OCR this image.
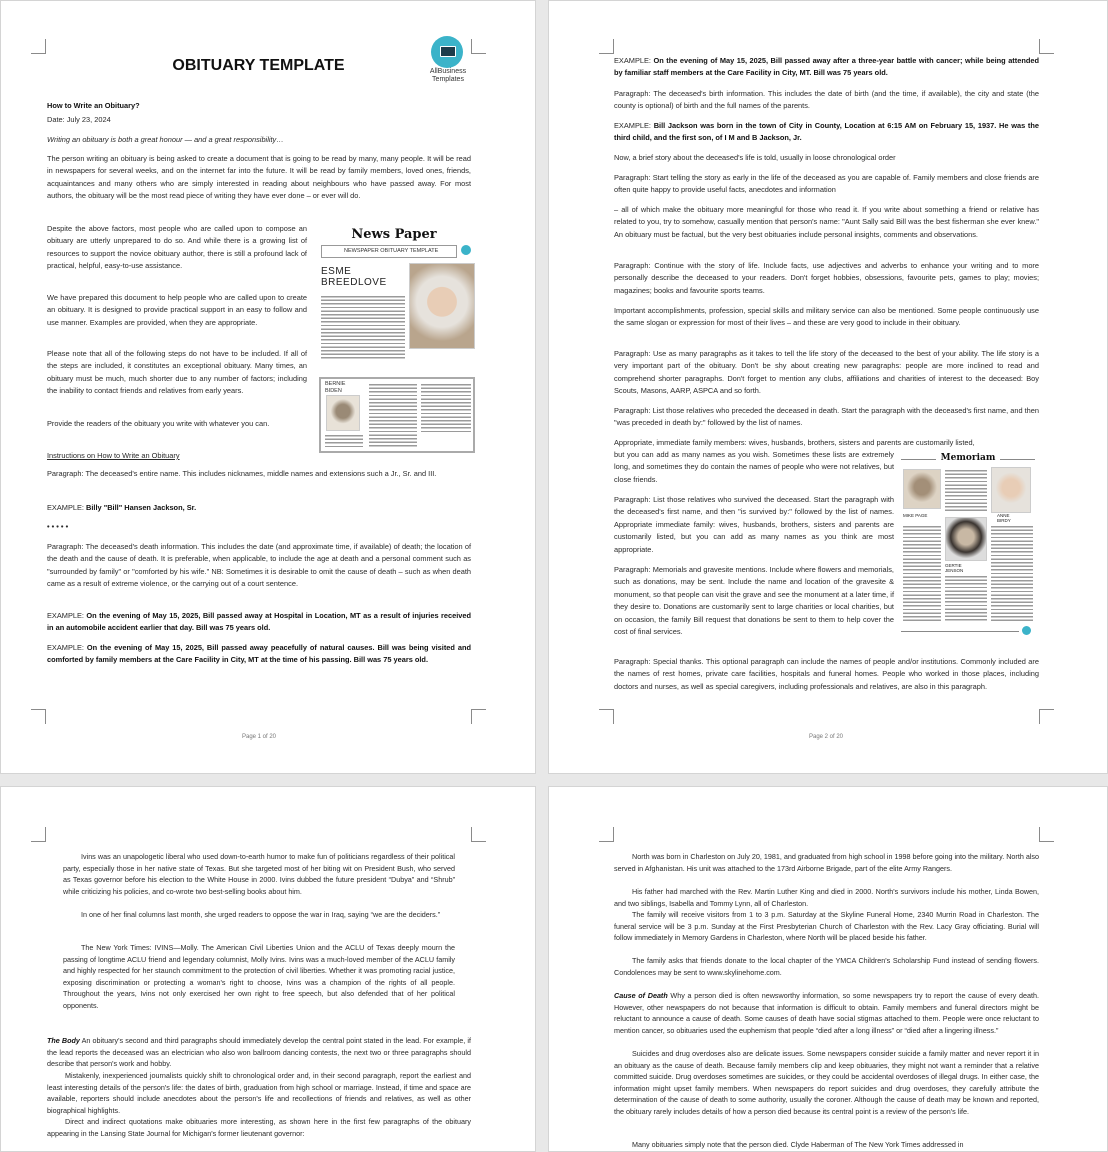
OBITUARY TEMPLATE	AllBusiness
Templates
How to Write an Obituary?
Date: July 23, 2024
Writing an obituary is both a great honour — and a great responsibility…
The person writing an obituary is being asked to create a document that is going to be read by many, many people. It will be read in newspapers for several weeks, and on the internet far into the future. It will be read by family members, loved ones, friends, acquaintances and many others who are simply interested in reading about neighbours who have passed away. For most authors, the obituary will be the most read piece of writing they have ever done – or ever will do.
Despite the above factors, most people who are called upon to compose an obituary are utterly unprepared to do so. And while there is a growing list of resources to support the novice obituary author, there is still a profound lack of practical, helpful, easy-to-use assistance.
We have prepared this document to help people who are called upon to create an obituary. It is designed to provide practical support in an easy to follow and use manner. Examples are provided, when they are appropriate.
Please note that all of the following steps do not have to be included. If all of the steps are included, it constitutes an exceptional obituary. Many times, an obituary must be much, much shorter due to any number of factors; including the inability to contact friends and relatives from early years.
Provide the readers of the obituary you write with whatever you can.
Instructions on How to Write an Obituary
Paragraph: The deceased's entire name. This includes nicknames, middle names and extensions such a Jr., Sr. and III.
EXAMPLE: Billy "Bill" Hansen Jackson, Sr.
• • • • •
Paragraph: The deceased's death information. This includes the date (and approximate time, if available) of death; the location of the death and the cause of death. It is preferable, when applicable, to include the age at death and a personal comment such as "surrounded by family" or "comforted by his wife." NB: Sometimes it is desirable to omit the cause of death – such as when death came as a result of extreme violence, or the carrying out of a court sentence.
EXAMPLE: On the evening of May 15, 2025, Bill passed away at Hospital in Location, MT as a result of injuries received in an automobile accident earlier that day. Bill was 75 years old.
EXAMPLE: On the evening of May 15, 2025, Bill passed away peacefully of natural causes. Bill was being visited and comforted by family members at the Care Facility in City, MT at the time of his passing. Bill was 75 years old.
News Paper
NEWSPAPER OBITUARY TEMPLATE
ESME
BREEDLOVE
BERNIE
BIDEN
Page 1 of 20
EXAMPLE: On the evening of May 15, 2025, Bill passed away after a three-year battle with cancer; while being attended by familiar staff members at the Care Facility in City, MT. Bill was 75 years old.
Paragraph: The deceased's birth information. This includes the date of birth (and the time, if available), the city and state (the county is optional) of birth and the full names of the parents.
EXAMPLE: Bill Jackson was born in the town of City in County, Location at 6:15 AM on February 15, 1937. He was the third child, and the first son, of I M and B Jackson, Jr.
Now, a brief story about the deceased's life is told, usually in loose chronological order
Paragraph: Start telling the story as early in the life of the deceased as you are capable of. Family members and close friends are often quite happy to provide useful facts, anecdotes and information
– all of which make the obituary more meaningful for those who read it. If you write about something a friend or relative has related to you, try to somehow, casually mention that person's name: "Aunt Sally said Bill was the best fisherman she ever knew." An obituary must be factual, but the very best obituaries include personal insights, comments and observations.
Paragraph: Continue with the story of life. Include facts, use adjectives and adverbs to enhance your writing and to more personally describe the deceased to your readers. Don't forget hobbies, obsessions, favourite pets, games to play; movies; magazines; books and favourite sports teams.
Important accomplishments, profession, special skills and military service can also be mentioned. Some people continuously use the same slogan or expression for most of their lives – and these are very good to include in their obituary.
Paragraph: Use as many paragraphs as it takes to tell the life story of the deceased to the best of your ability. The life story is a very important part of the obituary. Don't be shy about creating new paragraphs: people are more inclined to read and comprehend shorter paragraphs. Don't forget to mention any clubs, affiliations and charities of interest to the deceased: Boy Scouts, Masons, AARP, ASPCA and so forth.
Paragraph: List those relatives who preceded the deceased in death. Start the paragraph with the deceased's first name, and then "was preceded in death by:" followed by the list of names.
Appropriate, immediate family members: wives, husbands, brothers, sisters and parents are customarily listed,
but you can add as many names as you wish. Sometimes these lists are extremely long, and sometimes they do contain the names of people who were not relatives, but close friends.
Paragraph: List those relatives who survived the deceased. Start the paragraph with the deceased's first name, and then "is survived by:" followed by the list of names. Appropriate immediate family: wives, husbands, brothers, sisters and parents are customarily listed, but you can add as many names as you think are most appropriate.
Paragraph: Memorials and gravesite mentions. Include where flowers and memorials, such as donations, may be sent. Include the name and location of the gravesite & monument, so that people can visit the grave and see the monument at a later time, if they desire to. Donations are customarily sent to large charities or local charities, but on occasion, the family Bill request that donations be sent to them to help cover the cost of final services.
Paragraph: Special thanks. This optional paragraph can include the names of people and/or institutions. Commonly included are the names of rest homes, private care facilities, hospitals and funeral homes. People who worked in those places, including doctors and nurses, as well as special caregivers, including professionals and relatives, are also in this paragraph.
Memoriam
MIKE PAGE	ANNE BIRDY
GERTIE JENSON
Page 2 of 20
Ivins was an unapologetic liberal who used down-to-earth humor to make fun of politicians regardless of their political party, especially those in her native state of Texas. But she targeted most of her biting wit on President Bush, who served as Texas governor before his election to the White House in 2000. Ivins dubbed the future president “Dubya” and “Shrub” while criticizing his policies, and co-wrote two best-selling books about him.
In one of her final columns last month, she urged readers to oppose the war in Iraq, saying “we are the deciders.”
The New York Times: IVINS—Molly. The American Civil Liberties Union and the ACLU of Texas deeply mourn the passing of longtime ACLU friend and legendary columnist, Molly Ivins. Ivins was a much-loved member of the ACLU family and highly respected for her staunch commitment to the protection of civil liberties. Whether it was promoting racial justice, exposing discrimination or protecting a woman's right to choose, Ivins was a champion of the rights of all people. Throughout the years, Ivins not only exercised her own right to free speech, but also defended that of her political opponents.
The Body An obituary's second and third paragraphs should immediately develop the central point stated in the lead. For example, if the lead reports the deceased was an electrician who also won ballroom dancing contests, the next two or three paragraphs should describe that person's work and hobby.
Mistakenly, inexperienced journalists quickly shift to chronological order and, in their second paragraph, report the earliest and least interesting details of the person's life: the dates of birth, graduation from high school or marriage. Instead, if time and space are available, reporters should include anecdotes about the person's life and recollections of friends and relatives, as well as other biographical highlights.
Direct and indirect quotations make obituaries more interesting, as shown here in the first few paragraphs of the obituary appearing in the Lansing State Journal for Michigan's former lieutenant governor:
North was born in Charleston on July 20, 1981, and graduated from high school in 1998 before going into the military. North also served in Afghanistan. His unit was attached to the 173rd Airborne Brigade, part of the elite Army Rangers.
His father had marched with the Rev. Martin Luther King and died in 2000. North's survivors include his mother, Linda Bowen, and two siblings, Isabella and Tommy Lynn, all of Charleston.
The family will receive visitors from 1 to 3 p.m. Saturday at the Skyline Funeral Home, 2340 Murrin Road in Charleston. The funeral service will be 3 p.m. Sunday at the First Presbyterian Church of Charleston with the Rev. Lacy Gray officiating. Burial will follow immediately in Memory Gardens in Charleston, where North will be placed beside his father.
The family asks that friends donate to the local chapter of the YMCA Children's Scholarship Fund instead of sending flowers. Condolences may be sent to www.skylinehome.com.
Cause of Death Why a person died is often newsworthy information, so some newspapers try to report the cause of every death. However, other newspapers do not because that information is difficult to obtain. Family members and funeral directors might be reluctant to announce a cause of death. Some causes of death have social stigmas attached to them. People were once reluctant to mention cancer, so obituaries used the euphemism that people “died after a long illness” or “died after a lingering illness.”
Suicides and drug overdoses also are delicate issues. Some newspapers consider suicide a family matter and never report it in an obituary as the cause of death. Because family members clip and keep obituaries, they might not want a reminder that a relative committed suicide. Drug overdoses sometimes are suicides, or they could be accidental overdoses of illegal drugs. In either case, the information might upset family members. When newspapers do report suicides and drug overdoses, they carefully attribute the determination of the cause of death to some authority, usually the coroner. Although the cause of death may be known and reported, the obituary rarely includes details of how a person died because its central point is a review of the person's life.
Many obituaries simply note that the person died. Clyde Haberman of The New York Times addressed in
